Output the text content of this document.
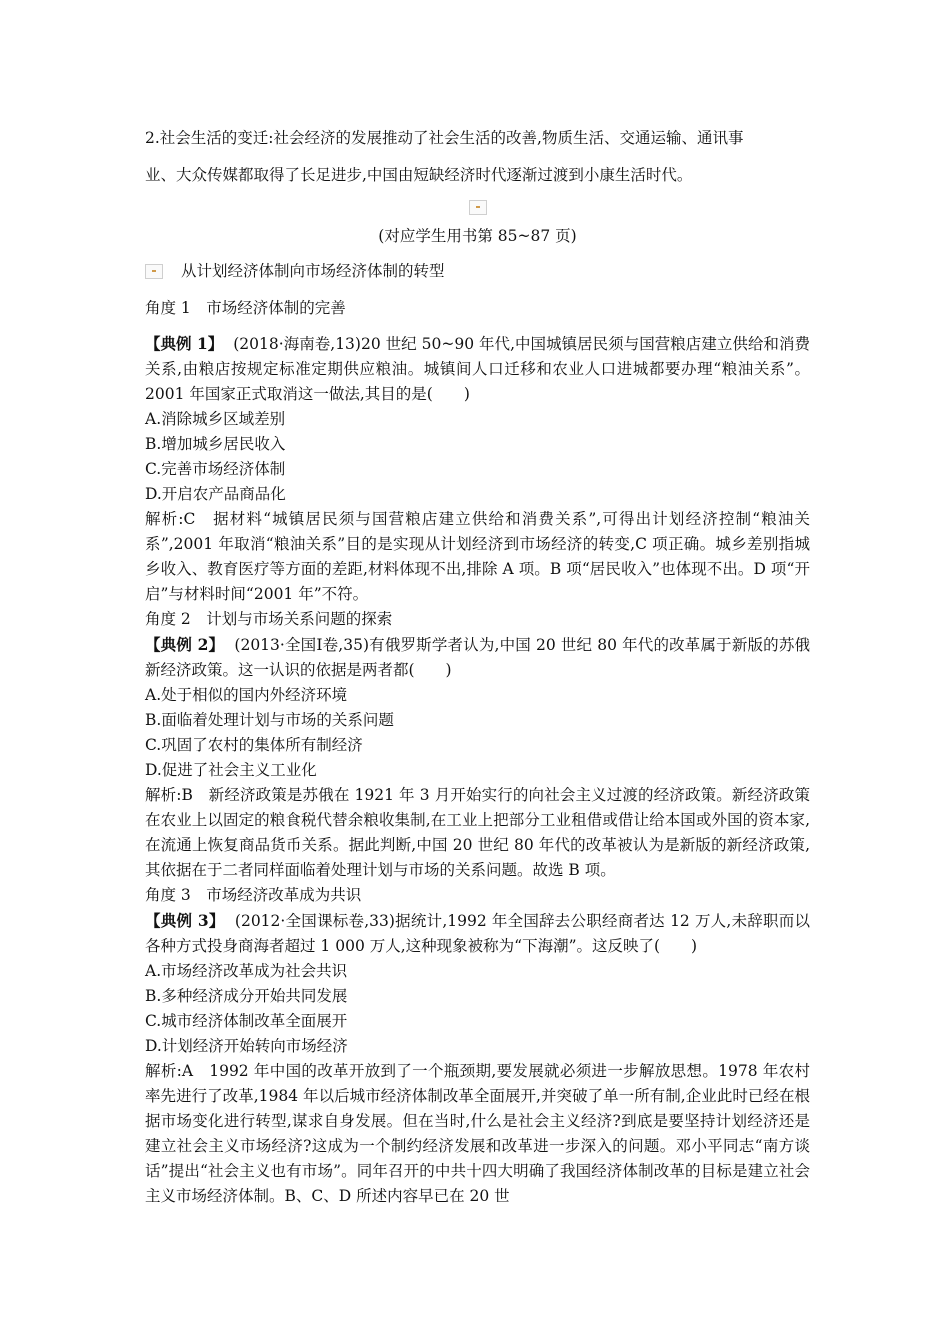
2.社会生活的变迁:社会经济的发展推动了社会生活的改善,物质生活、交通运输、通讯事

业、大众传媒都取得了长足进步,中国由短缺经济时代逐渐过渡到小康生活时代。

(对应学生用书第 85~87 页)

从计划经济体制向市场经济体制的转型

角度 1　市场经济体制的完善

【典例 1】 (2018·海南卷,13)20 世纪 50~90 年代,中国城镇居民须与国营粮店建立供给和消费关系,由粮店按规定标准定期供应粮油。城镇间人口迁移和农业人口进城都要办理“粮油关系”。2001 年国家正式取消这一做法,其目的是(　　)

A.消除城乡区域差别

B.增加城乡居民收入

C.完善市场经济体制

D.开启农产品商品化

解析:C　据材料“城镇居民须与国营粮店建立供给和消费关系”,可得出计划经济控制“粮油关系”,2001 年取消“粮油关系”目的是实现从计划经济到市场经济的转变,C 项正确。城乡差别指城乡收入、教育医疗等方面的差距,材料体现不出,排除 A 项。B 项“居民收入”也体现不出。D 项“开启”与材料时间“2001 年”不符。

角度 2　计划与市场关系问题的探索

【典例 2】 (2013·全国Ⅰ卷,35)有俄罗斯学者认为,中国 20 世纪 80 年代的改革属于新版的苏俄新经济政策。这一认识的依据是两者都(　　)

A.处于相似的国内外经济环境

B.面临着处理计划与市场的关系问题

C.巩固了农村的集体所有制经济

D.促进了社会主义工业化

解析:B　新经济政策是苏俄在 1921 年 3 月开始实行的向社会主义过渡的经济政策。新经济政策在农业上以固定的粮食税代替余粮收集制,在工业上把部分工业租借或借让给本国或外国的资本家,在流通上恢复商品货币关系。据此判断,中国 20 世纪 80 年代的改革被认为是新版的新经济政策,其依据在于二者同样面临着处理计划与市场的关系问题。故选 B 项。

角度 3　市场经济改革成为共识

【典例 3】 (2012·全国课标卷,33)据统计,1992 年全国辞去公职经商者达 12 万人,未辞职而以各种方式投身商海者超过 1 000 万人,这种现象被称为“下海潮”。这反映了(　　)

A.市场经济改革成为社会共识

B.多种经济成分开始共同发展

C.城市经济体制改革全面展开

D.计划经济开始转向市场经济

解析:A　1992 年中国的改革开放到了一个瓶颈期,要发展就必须进一步解放思想。1978 年农村率先进行了改革,1984 年以后城市经济体制改革全面展开,并突破了单一所有制,企业此时已经在根据市场变化进行转型,谋求自身发展。但在当时,什么是社会主义经济?到底是要坚持计划经济还是建立社会主义市场经济?这成为一个制约经济发展和改革进一步深入的问题。邓小平同志“南方谈话”提出“社会主义也有市场”。同年召开的中共十四大明确了我国经济体制改革的目标是建立社会主义市场经济体制。B、C、D 所述内容早已在 20 世
